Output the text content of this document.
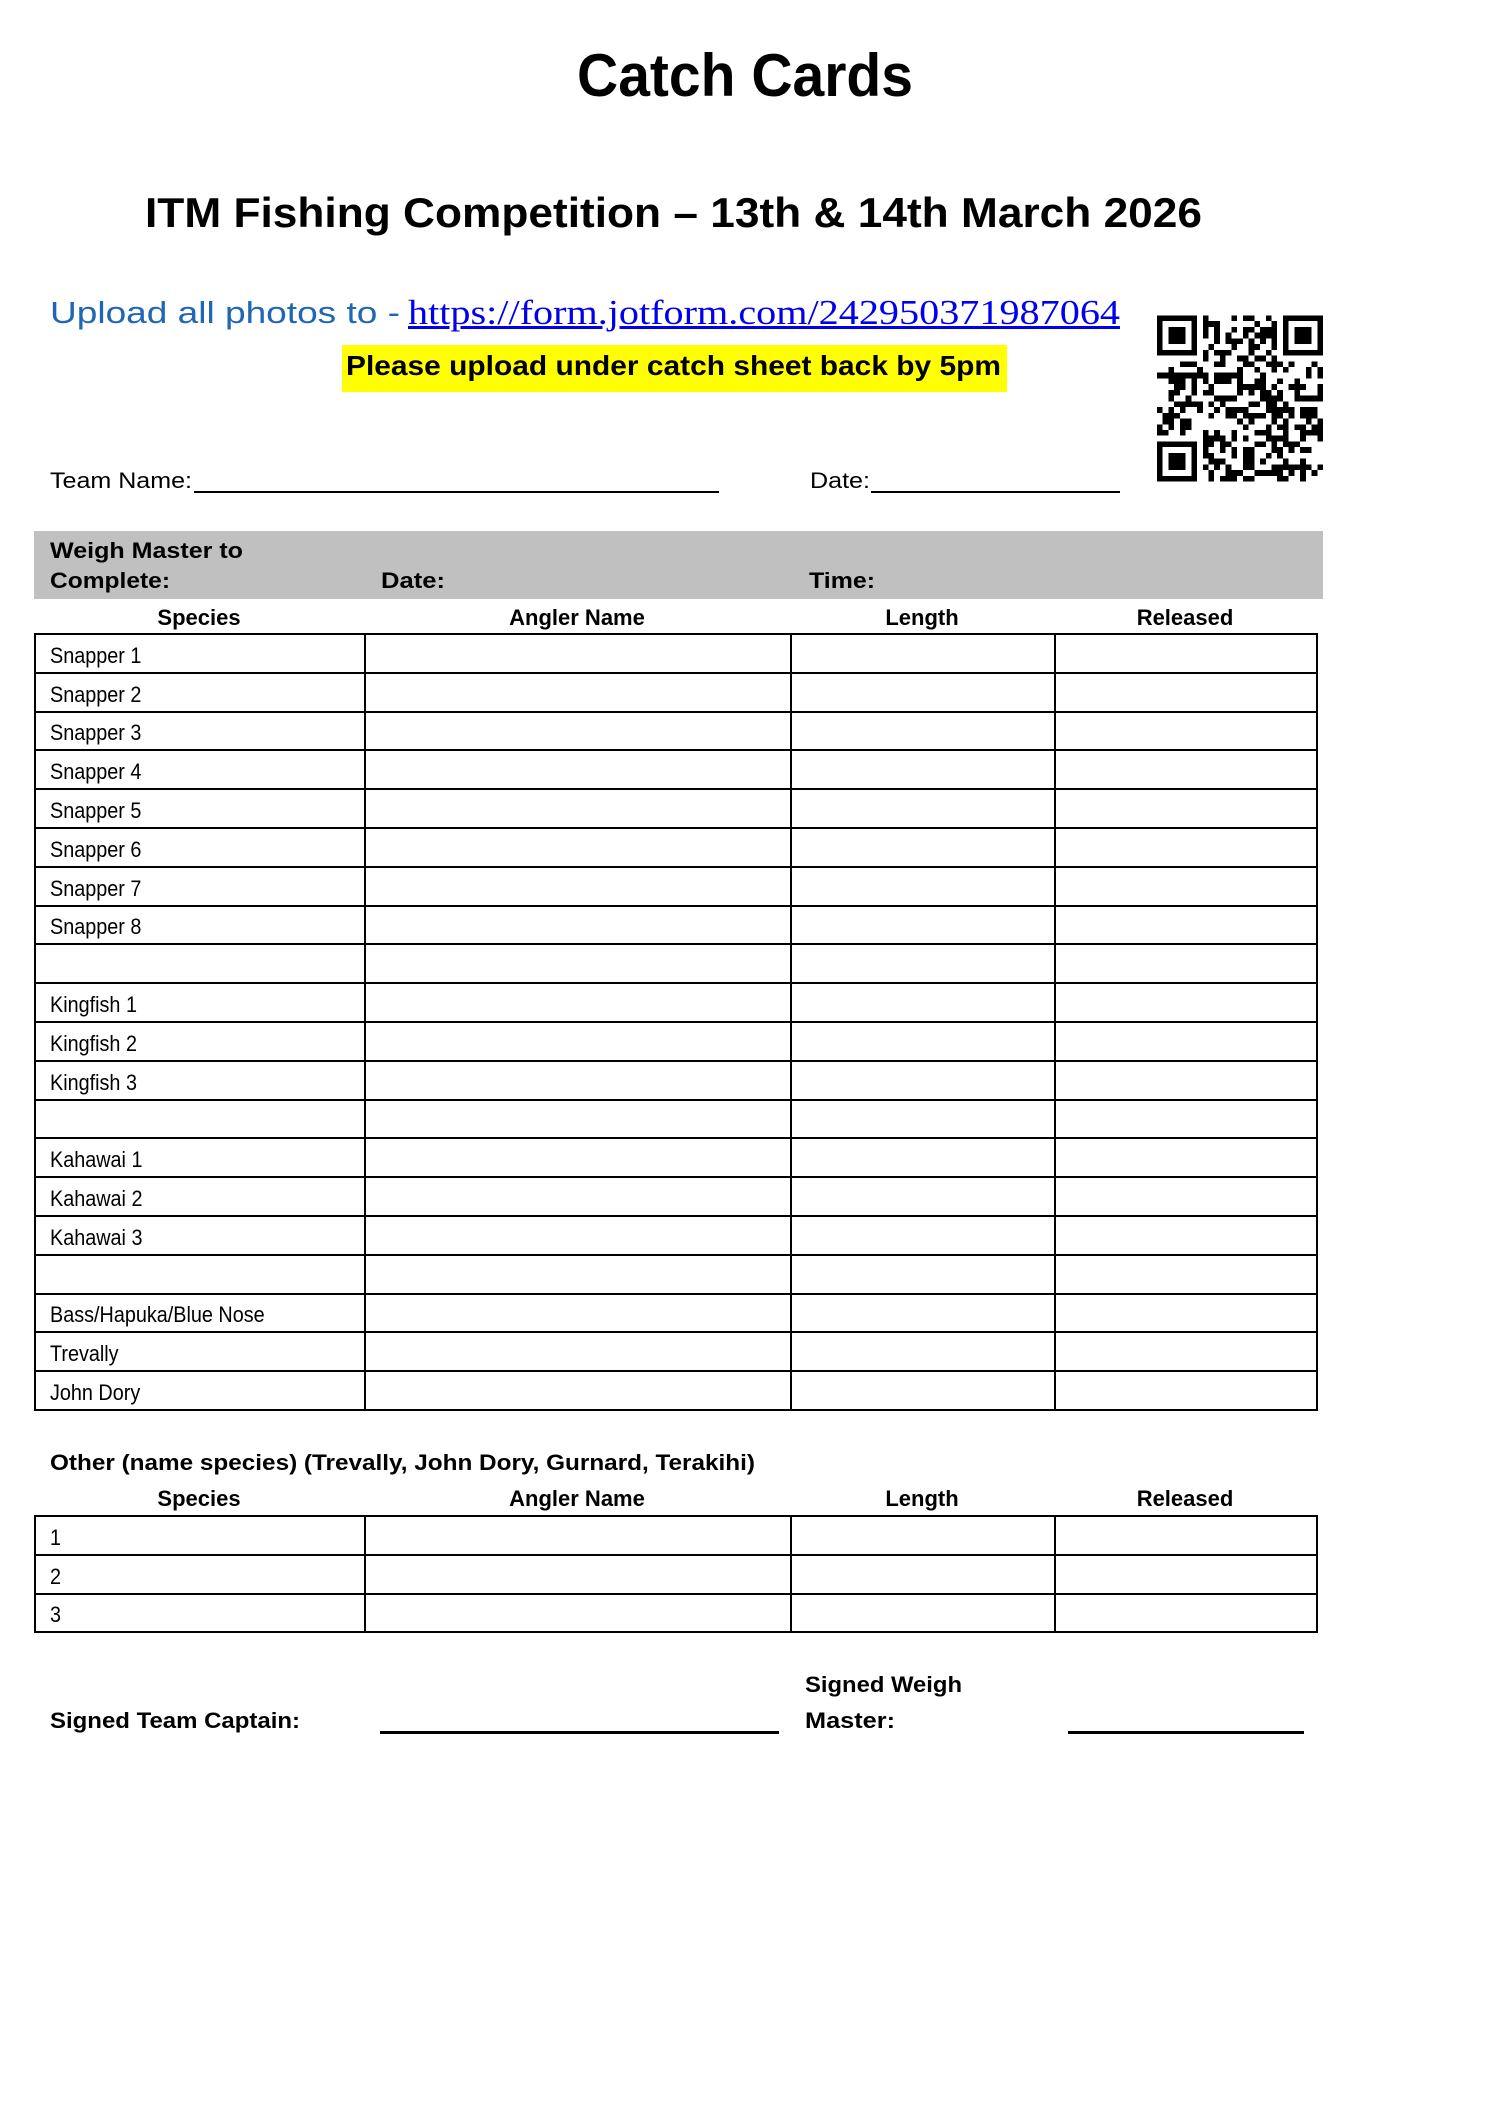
Catch Cards
ITM Fishing Competition – 13th & 14th March 2026
Upload all photos to - https://form.jotform.com/242950371987064
Please upload under catch sheet back by 5pm
Team Name:	Date:
Weigh Master to
Complete:	Date:	Time:
Species	Angler Name	Length	Released
Snapper 1			
Snapper 2			
Snapper 3			
Snapper 4			
Snapper 5			
Snapper 6			
Snapper 7			
Snapper 8			

Kingfish 1			
Kingfish 2			
Kingfish 3			

Kahawai 1			
Kahawai 2			
Kahawai 3			

Bass/Hapuka/Blue Nose			
Trevally			
John Dory			
Other (name species) (Trevally, John Dory, Gurnard, Terakihi)
Species	Angler Name	Length	Released
1			
2			
3			
Signed Team Captain:
Signed Weigh
Master:
